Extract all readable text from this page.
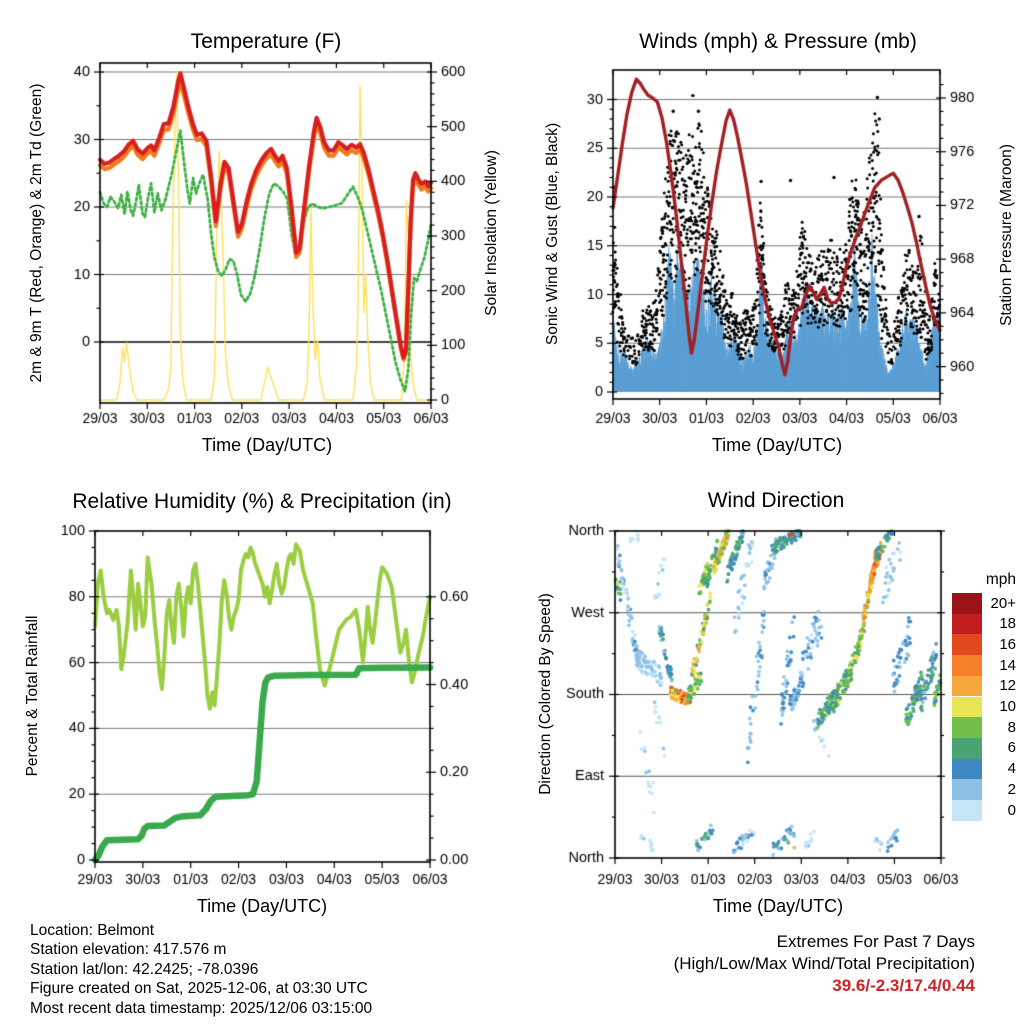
Temperature (F)	Winds (mph) & Pressure (mb)
Relative Humidity (%) & Precipitation (in)	Wind Direction
Time (Day/UTC)	Time (Day/UTC)
Time (Day/UTC)	Time (Day/UTC)
2m & 9m T (Red, Orange) & 2m Td (Green)	Solar Insolation (Yellow)	Sonic Wind & Gust (Blue, Black)	Station Pressure (Maroon)
Percent & Total Rainfall	Direction (Colored By Speed)
mph
20+
18
16
14
12
10
8
6
4
2
0
Location: Belmont
Station elevation: 417.576 m
Station lat/lon: 42.2425; -78.0396
Figure created on Sat, 2025-12-06, at 03:30 UTC
Most recent data timestamp: 2025/12/06 03:15:00
Extremes For Past 7 Days
(High/Low/Max Wind/Total Precipitation)
39.6/-2.3/17.4/0.44
